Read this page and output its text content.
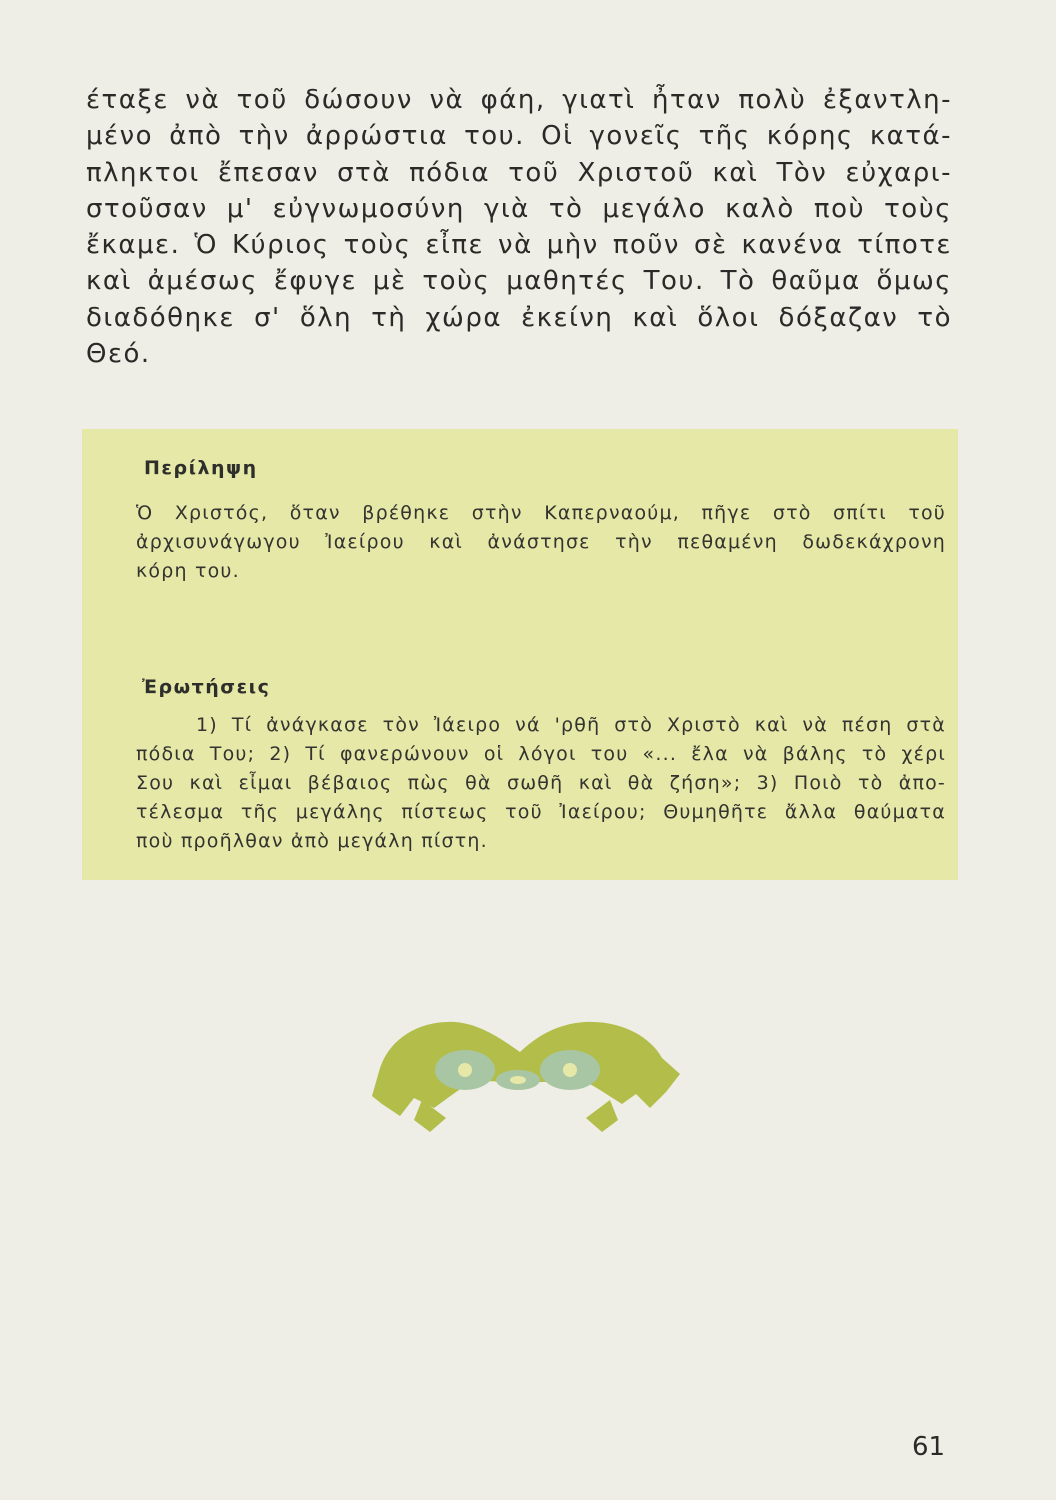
έταξε νὰ τοῦ δώσουν νὰ φάη, γιατὶ ἦταν πολὺ ἐξαντλη-
μένο ἀπὸ τὴν ἀρρώστια του. Οἱ γονεῖς τῆς κόρης κατά-
πληκτοι ἔπεσαν στὰ πόδια τοῦ Χριστοῦ καὶ Τὸν εὐχαρι-
στοῦσαν μ' εὐγνωμοσύνη γιὰ τὸ μεγάλο καλὸ ποὺ τοὺς
ἔκαμε. Ὁ Κύριος τοὺς εἶπε νὰ μὴν ποῦν σὲ κανένα τίποτε
καὶ ἀμέσως ἔφυγε μὲ τοὺς μαθητές Του. Τὸ θαῦμα ὅμως
διαδόθηκε σ' ὅλη τὴ χώρα ἐκείνη καὶ ὅλοι δόξαζαν τὸ
Θεό.
Περίληψη
Ὁ Χριστός, ὅταν βρέθηκε στὴν Καπερναούμ, πῆγε στὸ σπίτι τοῦ
ἀρχισυνάγωγου Ἰαείρου καὶ ἀνάστησε τὴν πεθαμένη δωδεκάχρονη
κόρη του.
Ἐρωτήσεις
1) Τί ἀνάγκασε τὸν Ἰάειρο νά 'ρθῆ στὸ Χριστὸ καὶ νὰ πέση στὰ
πόδια Του; 2) Τί φανερώνουν οἱ λόγοι του «... ἔλα νὰ βάλης τὸ χέρι
Σου καὶ εἶμαι βέβαιος πὼς θὰ σωθῆ καὶ θὰ ζήση»; 3) Ποιὸ τὸ ἀπο-
τέλεσμα τῆς μεγάλης πίστεως τοῦ Ἰαείρου; Θυμηθῆτε ἄλλα θαύματα
ποὺ προῆλθαν ἀπὸ μεγάλη πίστη.
61
